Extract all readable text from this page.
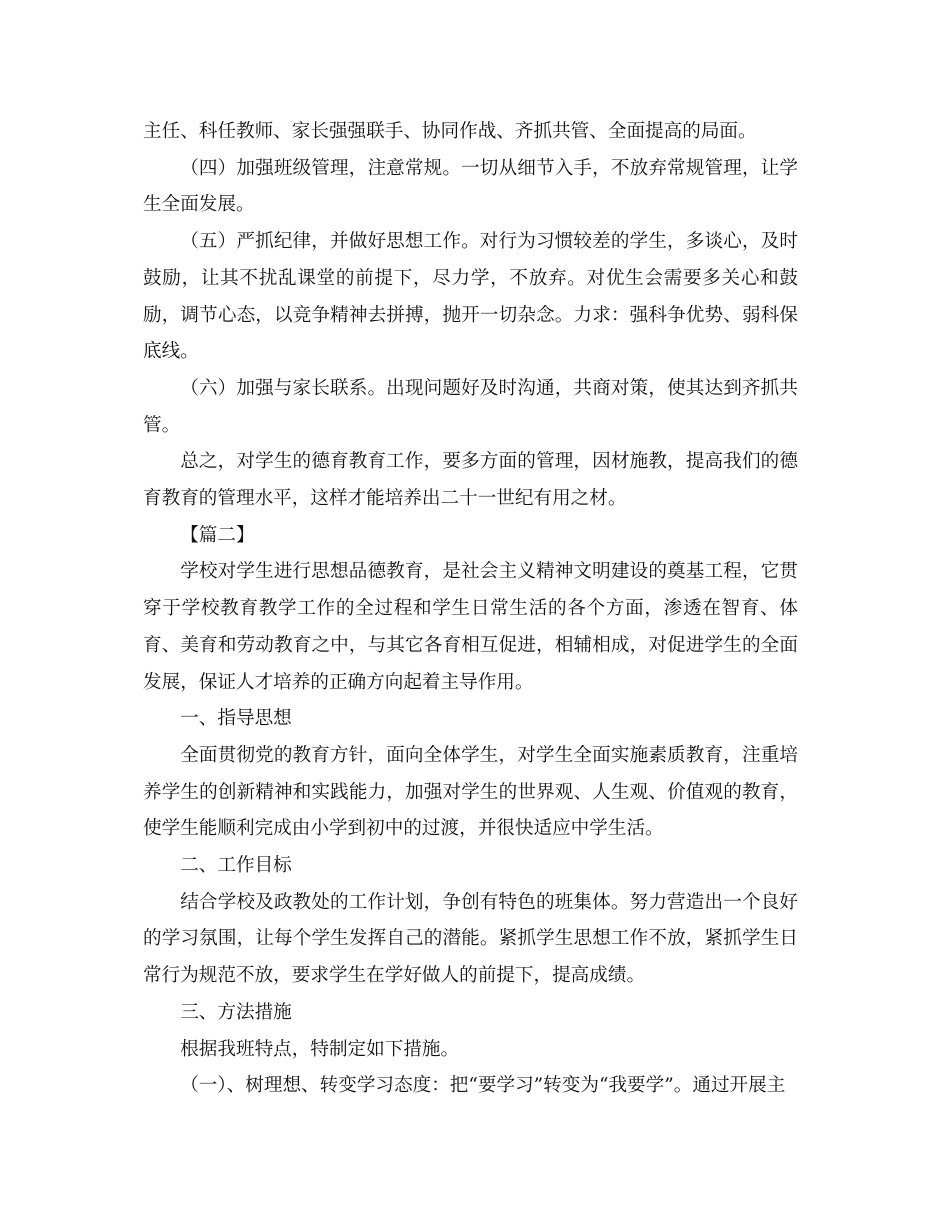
主任、科任教师、家长强强联手、协同作战、齐抓共管、全面提高的局面。

（四）加强班级管理，注意常规。一切从细节入手，不放弃常规管理，让学生全面发展。

（五）严抓纪律，并做好思想工作。对行为习惯较差的学生，多谈心，及时鼓励，让其不扰乱课堂的前提下，尽力学，不放弃。对优生会需要多关心和鼓励，调节心态，以竞争精神去拼搏，抛开一切杂念。力求：强科争优势、弱科保底线。

（六）加强与家长联系。出现问题好及时沟通，共商对策，使其达到齐抓共管。

总之，对学生的德育教育工作，要多方面的管理，因材施教，提高我们的德育教育的管理水平，这样才能培养出二十一世纪有用之材。

【篇二】

学校对学生进行思想品德教育，是社会主义精神文明建设的奠基工程，它贯穿于学校教育教学工作的全过程和学生日常生活的各个方面，渗透在智育、体育、美育和劳动教育之中，与其它各育相互促进，相辅相成，对促进学生的全面发展，保证人才培养的正确方向起着主导作用。

一、指导思想

全面贯彻党的教育方针，面向全体学生，对学生全面实施素质教育，注重培养学生的创新精神和实践能力，加强对学生的世界观、人生观、价值观的教育，使学生能顺利完成由小学到初中的过渡，并很快适应中学生活。

二、工作目标

结合学校及政教处的工作计划，争创有特色的班集体。努力营造出一个良好的学习氛围，让每个学生发挥自己的潜能。紧抓学生思想工作不放，紧抓学生日常行为规范不放，要求学生在学好做人的前提下，提高成绩。

三、方法措施

根据我班特点，特制定如下措施。

（一）、树理想、转变学习态度：把“要学习”转变为“我要学”。通过开展主
